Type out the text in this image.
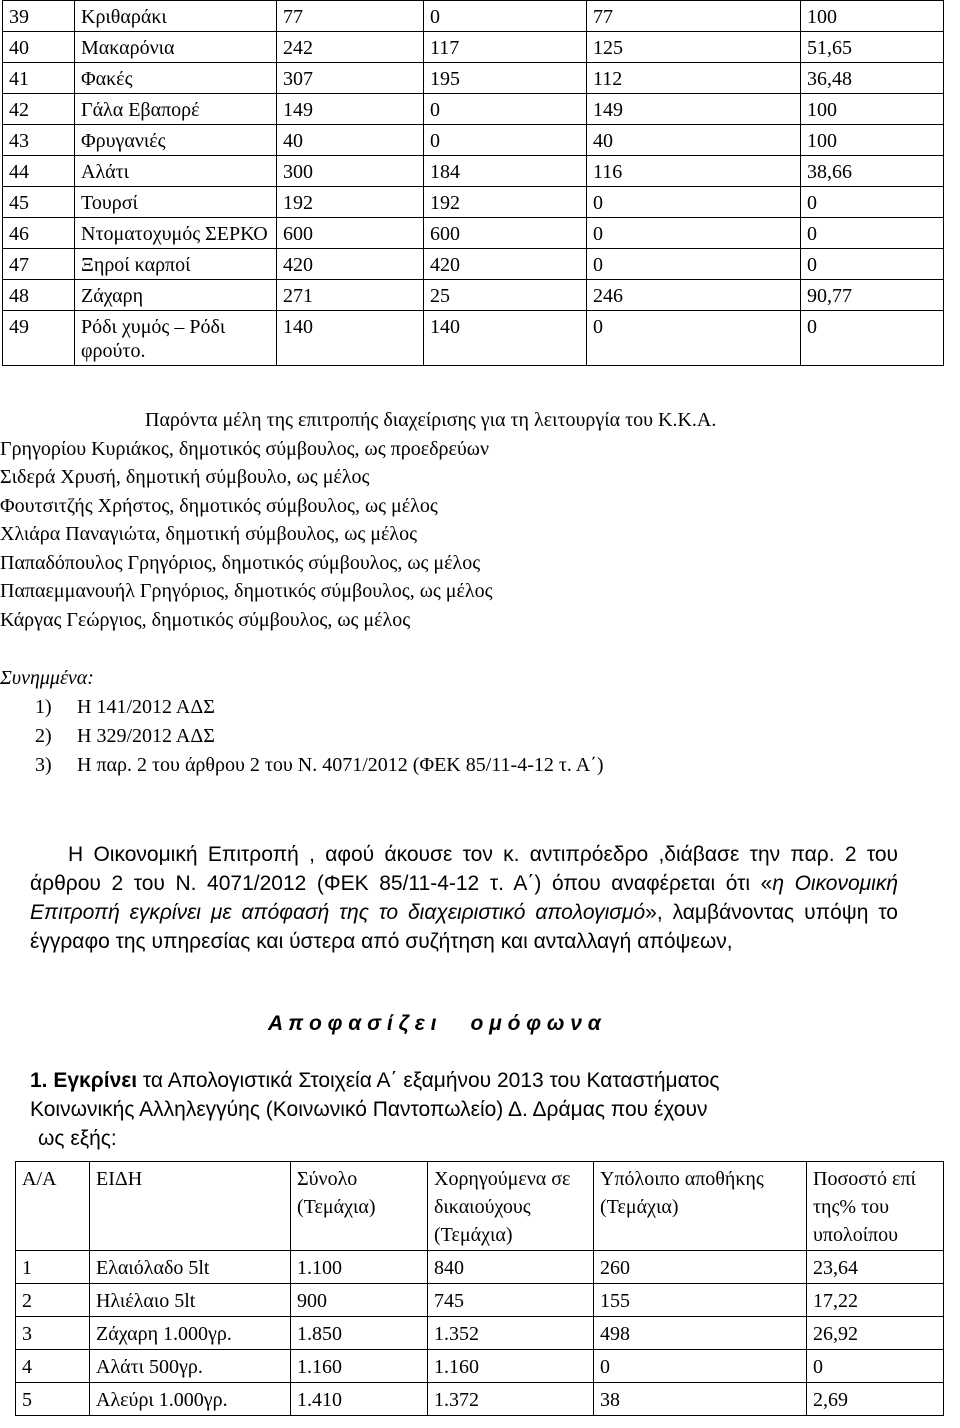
39	Κριθαράκι	77	0	77	100
40	Μακαρόνια	242	117	125	51,65
41	Φακές	307	195	112	36,48
42	Γάλα Εβαπορέ	149	0	149	100
43	Φρυγανιές	40	0	40	100
44	Αλάτι	300	184	116	38,66
45	Τουρσί	192	192	0	0
46	Ντοματοχυμός ΣΕΡΚΟ	600	600	0	0
47	Ξηροί καρποί	420	420	0	0
48	Ζάχαρη	271	25	246	90,77
49	Ρόδι χυμός – Ρόδι φρούτο.	140	140	0	0
Παρόντα μέλη της επιτροπής διαχείρισης για τη λειτουργία του Κ.Κ.Α.
Γρηγορίου Κυριάκος, δημοτικός σύμβουλος, ως προεδρεύων
Σιδερά Χρυσή, δημοτική σύμβουλο, ως μέλος
Φουτσιτζής Χρήστος, δημοτικός σύμβουλος, ως μέλος
Χλιάρα Παναγιώτα, δημοτική σύμβουλος, ως μέλος
Παπαδόπουλος Γρηγόριος, δημοτικός σύμβουλος, ως μέλος
Παπαεμμανουήλ Γρηγόριος, δημοτικός σύμβουλος, ως μέλος
Κάργας Γεώργιος, δημοτικός σύμβουλος, ως μέλος
Συνημμένα:
1) Η 141/2012 ΑΔΣ
2) Η 329/2012 ΑΔΣ
3) Η παρ. 2 του άρθρου 2 του Ν. 4071/2012 (ΦΕΚ 85/11-4-12 τ. Α΄)

Η Οικονομική Επιτροπή , αφού άκουσε τον κ. αντιπρόεδρο ,διάβασε την παρ. 2 του άρθρου 2 του Ν. 4071/2012 (ΦΕΚ 85/11-4-12 τ. Α΄) όπου αναφέρεται ότι «η Οικονομική Επιτροπή εγκρίνει με απόφασή της το διαχειριστικό απολογισμό», λαμβάνοντας υπόψη το έγγραφο της υπηρεσίας και ύστερα από συζήτηση και ανταλλαγή απόψεων,

Α π ο φ α σ ί ζ ε ι ο μ ό φ ω ν α

1. Εγκρίνει τα Απολογιστικά Στοιχεία Α΄ εξαμήνου 2013 του Καταστήματος

Κοινωνικής Αλληλεγγύης (Κοινωνικό Παντοπωλείο) Δ. Δράμας που έχουν

ως εξής:

Α/Α	ΕΙΔΗ	Σύνολο (Τεμάχια)	Χορηγούμενα σε δικαιούχους (Τεμάχια)	Υπόλοιπο αποθήκης (Τεμάχια)	Ποσοστό επί της% του υπολοίπου
1	Ελαιόλαδο 5lt	1.100	840	260	23,64
2	Ηλιέλαιο 5lt	900	745	155	17,22
3	Ζάχαρη 1.000γρ.	1.850	1.352	498	26,92
4	Αλάτι 500γρ.	1.160	1.160	0	0
5	Αλεύρι 1.000γρ.	1.410	1.372	38	2,69
